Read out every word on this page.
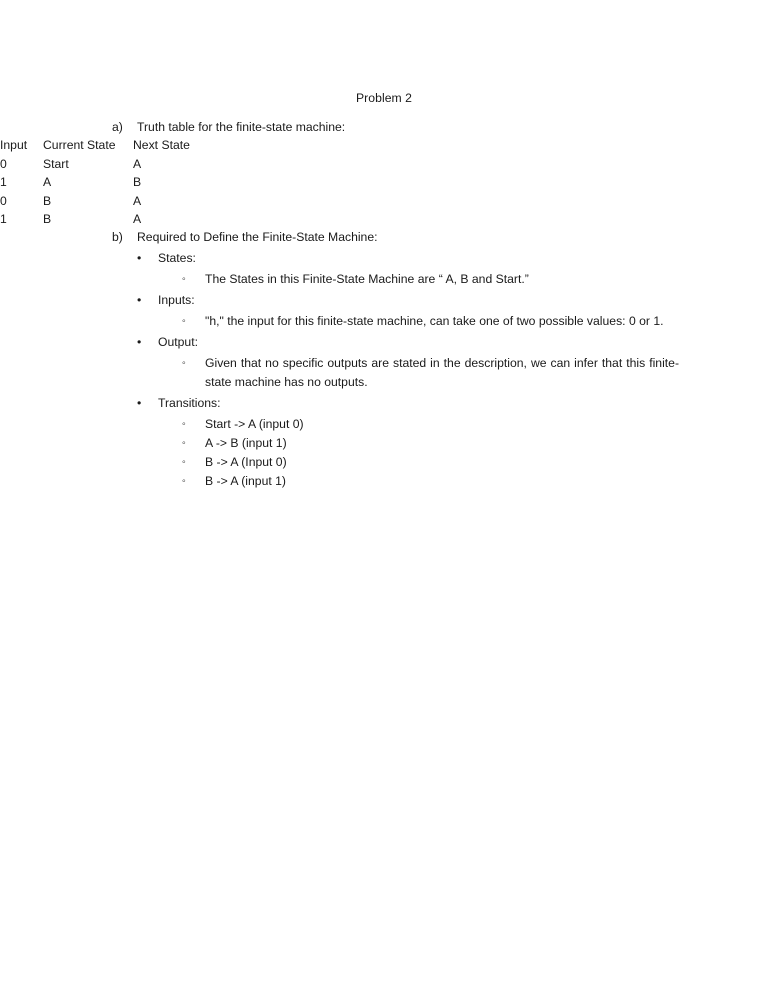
Problem 2
a)	Truth table for the finite-state machine:
Input	Current State	Next State
0	Start	A
1	A	B
0	B	A
1	B	A
b)	Required to Define the Finite-State Machine:
•
States:
◦
The States in this Finite-State Machine are “ A, B and Start.”
•
Inputs:
◦
"h," the input for this finite-state machine, can take one of two possible values: 0 or 1.
•
Output:
◦
Given that no specific outputs are stated in the description, we can infer that this finite-state machine has no outputs.
•
Transitions:
◦
Start -> A (input 0)
◦
A -> B (input 1)
◦
B -> A (Input 0)
◦
B -> A (input 1)
